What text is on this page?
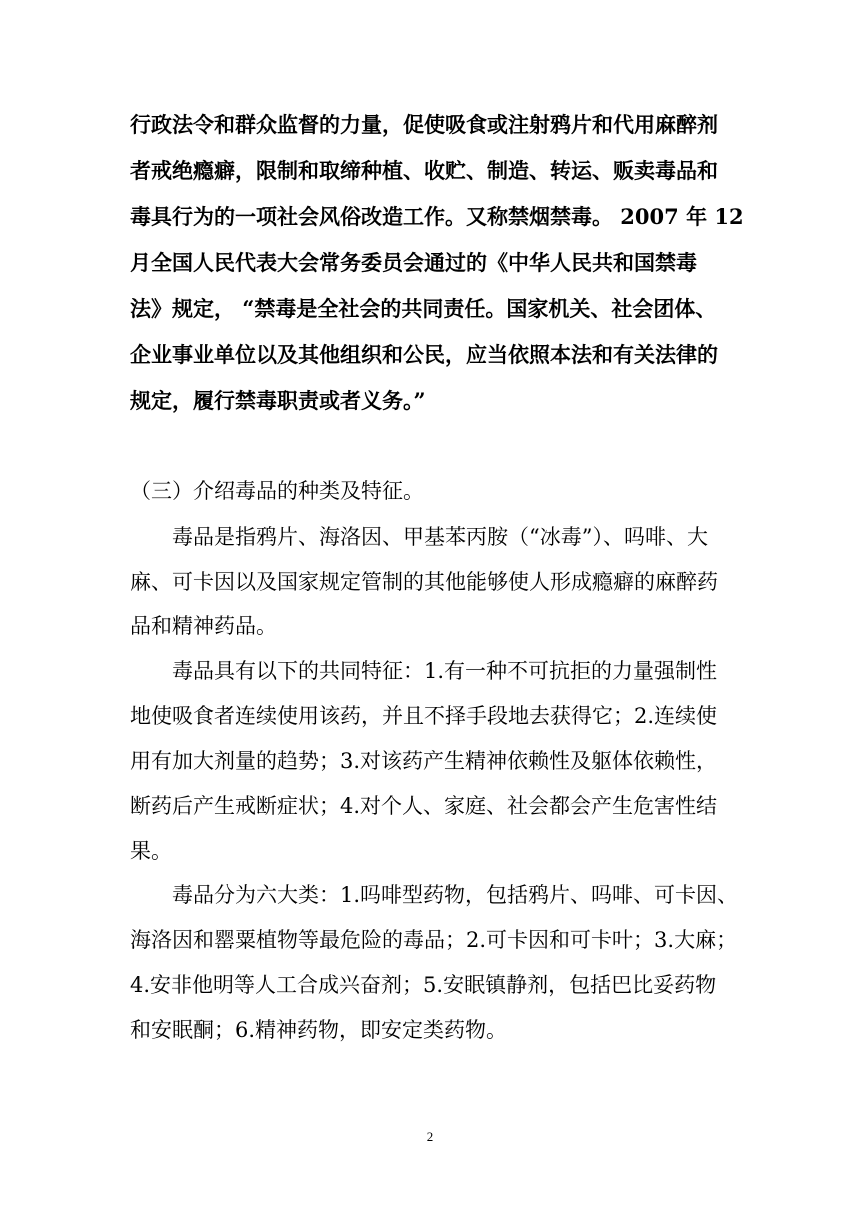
行政法令和群众监督的力量，促使吸食或注射鸦片和代用麻醉剂
者戒绝瘾癖，限制和取缔种植、收贮、制造、转运、贩卖毒品和
毒具行为的一项社会风俗改造工作。又称禁烟禁毒。 2007 年 12
月全国人民代表大会常务委员会通过的《中华人民共和国禁毒
法》规定， “禁毒是全社会的共同责任。国家机关、社会团体、
企业事业单位以及其他组织和公民，应当依照本法和有关法律的
规定，履行禁毒职责或者义务。”
（三）介绍毒品的种类及特征。
毒品是指鸦片、海洛因、甲基苯丙胺（“冰毒”）、吗啡、大
麻、可卡因以及国家规定管制的其他能够使人形成瘾癖的麻醉药
品和精神药品。
毒品具有以下的共同特征：1.有一种不可抗拒的力量强制性
地使吸食者连续使用该药，并且不择手段地去获得它；2.连续使
用有加大剂量的趋势；3.对该药产生精神依赖性及躯体依赖性，
断药后产生戒断症状；4.对个人、家庭、社会都会产生危害性结
果。
毒品分为六大类：1.吗啡型药物，包括鸦片、吗啡、可卡因、
海洛因和罂粟植物等最危险的毒品；2.可卡因和可卡叶；3.大麻；
4.安非他明等人工合成兴奋剂；5.安眠镇静剂，包括巴比妥药物
和安眠酮；6.精神药物，即安定类药物。
2
